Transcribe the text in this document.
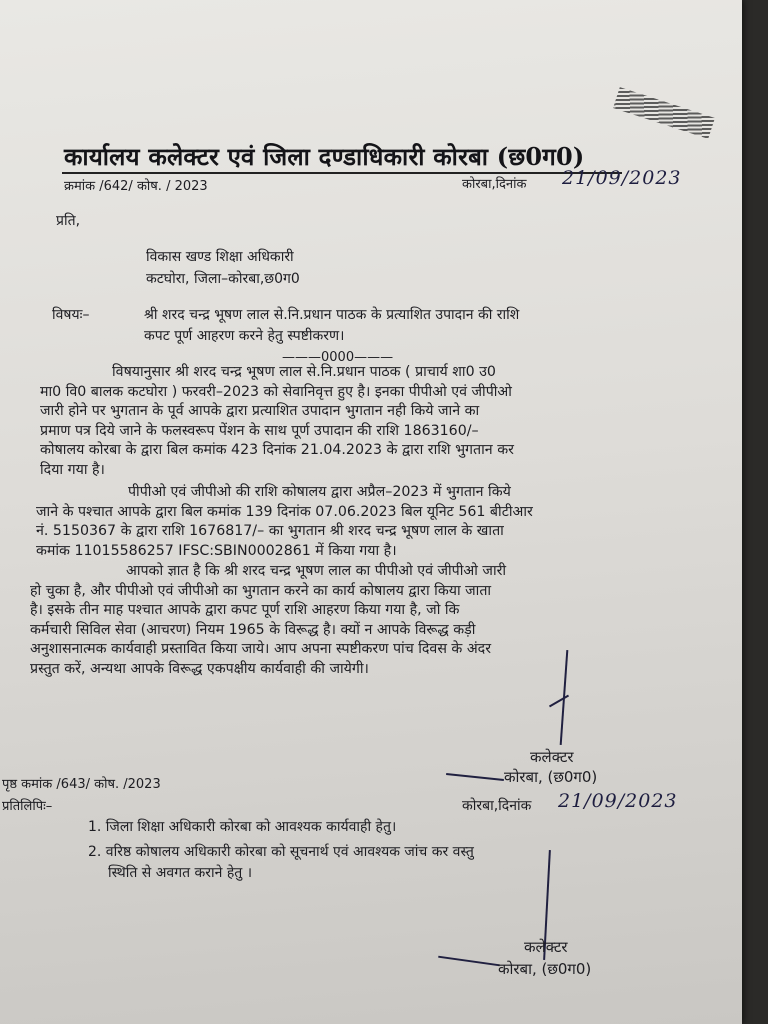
कार्यालय कलेक्टर एवं जिला दण्डाधिकारी कोरबा (छ0ग0)
क्रमांक /642/ कोष. / 2023	कोरबा,दिनांक 21/09/2023
प्रति,
विकास खण्ड शिक्षा अधिकारी
कटघोरा, जिला–कोरबा,छ0ग0
विषयः–	श्री शरद चन्द्र भूषण लाल से.नि.प्रधान पाठक के प्रत्याशित उपादान की राशि
कपट पूर्ण आहरण करने हेतु स्पष्टीकरण।
———0000———
विषयानुसार श्री शरद चन्द्र भूषण लाल से.नि.प्रधान पाठक ( प्राचार्य शा0 उ0
मा0 वि0 बालक कटघोरा ) फरवरी–2023 को सेवानिवृत्त हुए है। इनका पीपीओ एवं जीपीओ
जारी होने पर भुगतान के पूर्व आपके द्वारा प्रत्याशित उपादान भुगतान नही किये जाने का
प्रमाण पत्र दिये जाने के फलस्वरूप पेंशन के साथ पूर्ण उपादान की राशि 1863160/–
कोषालय कोरबा के द्वारा बिल कमांक 423 दिनांक 21.04.2023 के द्वारा राशि भुगतान कर
दिया गया है।
पीपीओ एवं जीपीओ की राशि कोषालय द्वारा अप्रैल–2023 में भुगतान किये
जाने के पश्चात आपके द्वारा बिल कमांक 139 दिनांक 07.06.2023 बिल यूनिट 561 बीटीआर
नं. 5150367 के द्वारा राशि 1676817/– का भुगतान श्री शरद चन्द्र भूषण लाल के खाता
कमांक 11015586257 IFSC:SBIN0002861 में किया गया है।
आपको ज्ञात है कि श्री शरद चन्द्र भूषण लाल का पीपीओ एवं जीपीओ जारी
हो चुका है, और पीपीओ एवं जीपीओ का भुगतान करने का कार्य कोषालय द्वारा किया जाता
है। इसके तीन माह पश्चात आपके द्वारा कपट पूर्ण राशि आहरण किया गया है, जो कि
कर्मचारी सिविल सेवा (आचरण) नियम 1965 के विरूद्ध है। क्यों न आपके विरूद्ध कड़ी
अनुशासनात्मक कार्यवाही प्रस्तावित किया जाये। आप अपना स्पष्टीकरण पांच दिवस के अंदर
प्रस्तुत करें, अन्यथा आपके विरूद्ध एकपक्षीय कार्यवाही की जायेगी।
कलेक्टर
कोरबा, (छ0ग0)
पृष्ठ कमांक /643/ कोष. /2023
कोरबा,दिनांक 21/09/2023
प्रतिलिपिः–
1. जिला शिक्षा अधिकारी कोरबा को आवश्यक कार्यवाही हेतु।
2. वरिष्ठ कोषालय अधिकारी कोरबा को सूचनार्थ एवं आवश्यक जांच कर वस्तु
स्थिति से अवगत कराने हेतु ।
कलेक्टर
कोरबा, (छ0ग0)
